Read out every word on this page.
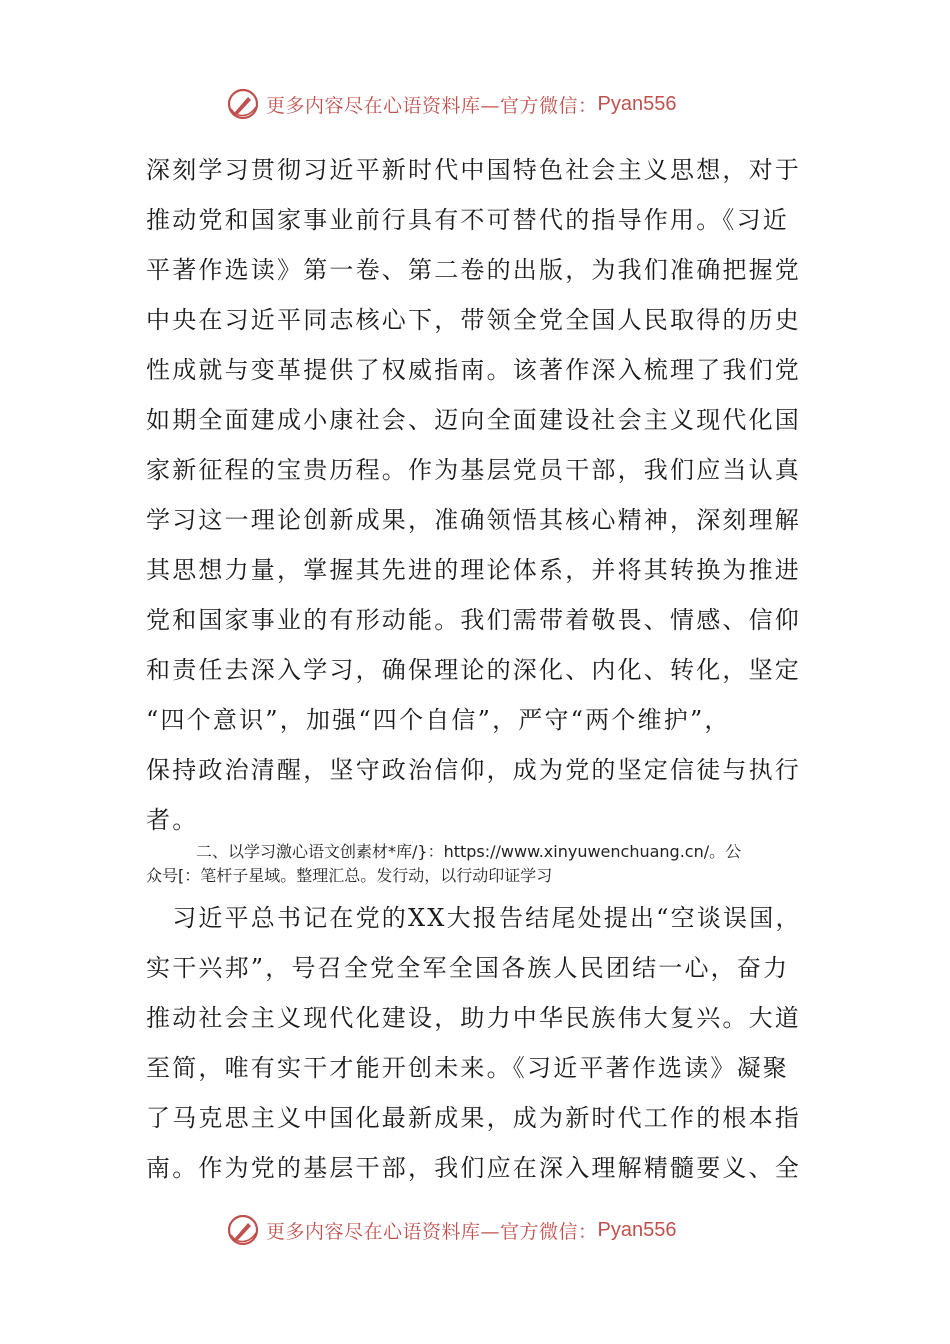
更多内容尽在心语资料库—官方微信： Pyan556
深刻学习贯彻习近平新时代中国特色社会主义思想，对于
推动党和国家事业前行具有不可替代的指导作用。《习近
平著作选读》第一卷、第二卷的出版，为我们准确把握党
中央在习近平同志核心下，带领全党全国人民取得的历史
性成就与变革提供了权威指南。该著作深入梳理了我们党
如期全面建成小康社会、迈向全面建设社会主义现代化国
家新征程的宝贵历程。作为基层党员干部，我们应当认真
学习这一理论创新成果，准确领悟其核心精神，深刻理解
其思想力量，掌握其先进的理论体系，并将其转换为推进
党和国家事业的有形动能。我们需带着敬畏、情感、信仰
和责任去深入学习，确保理论的深化、内化、转化，坚定
“四个意识”，加强“四个自信”，严守“两个维护”，
保持政治清醒，坚守政治信仰，成为党的坚定信徒与执行
者。
二、以学习激心语文创素材*库/}：https://www.xinyuwenchuang.cn/。公
众号[：笔杆子星域。整理汇总。发行动，以行动印证学习
　习近平总书记在党的XX大报告结尾处提出“空谈误国，
实干兴邦”，号召全党全军全国各族人民团结一心，奋力
推动社会主义现代化建设，助力中华民族伟大复兴。大道
至简，唯有实干才能开创未来。《习近平著作选读》凝聚
了马克思主义中国化最新成果，成为新时代工作的根本指
南。作为党的基层干部，我们应在深入理解精髓要义、全
更多内容尽在心语资料库—官方微信： Pyan556
